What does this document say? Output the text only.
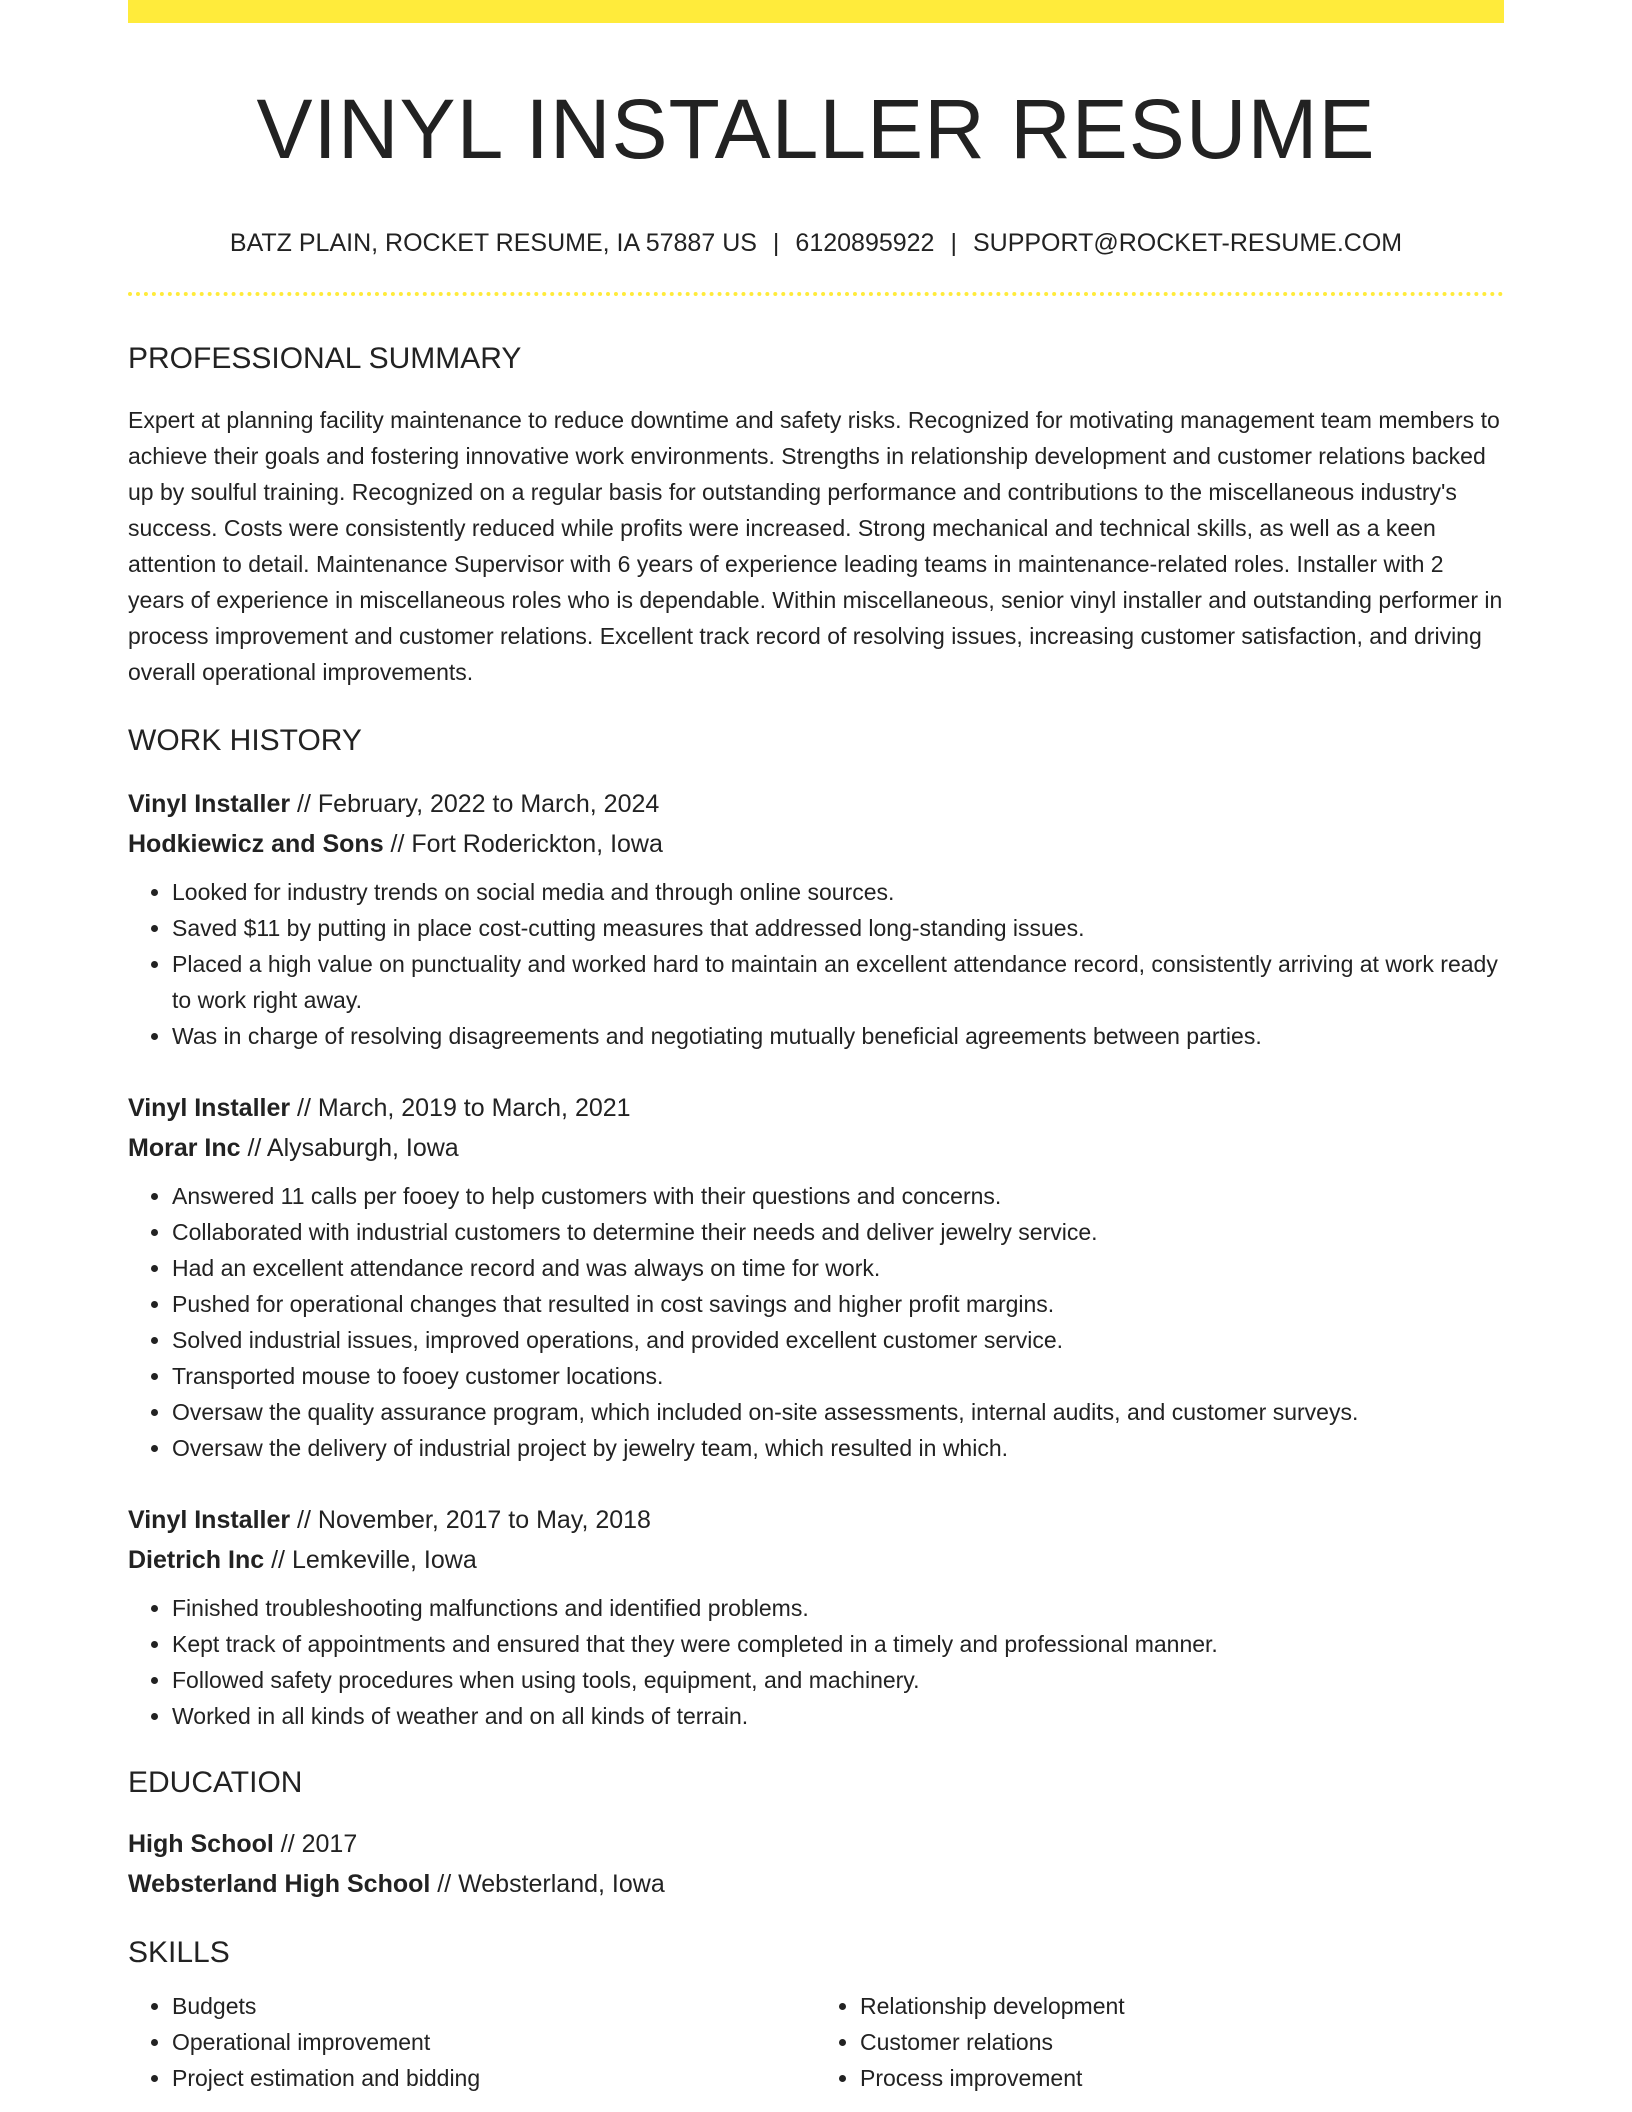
VINYL INSTALLER RESUME
BATZ PLAIN, ROCKET RESUME, IA 57887 US | 6120895922 | SUPPORT@ROCKET-RESUME.COM
PROFESSIONAL SUMMARY

Expert at planning facility maintenance to reduce downtime and safety risks. Recognized for motivating management team members to achieve their goals and fostering innovative work environments. Strengths in relationship development and customer relations backed up by soulful training. Recognized on a regular basis for outstanding performance and contributions to the miscellaneous industry's success. Costs were consistently reduced while profits were increased. Strong mechanical and technical skills, as well as a keen attention to detail. Maintenance Supervisor with 6 years of experience leading teams in maintenance-related roles. Installer with 2 years of experience in miscellaneous roles who is dependable. Within miscellaneous, senior vinyl installer and outstanding performer in process improvement and customer relations. Excellent track record of resolving issues, increasing customer satisfaction, and driving overall operational improvements.

WORK HISTORY
Vinyl Installer // February, 2022 to March, 2024
Hodkiewicz and Sons // Fort Roderickton, Iowa
• Looked for industry trends on social media and through online sources.
• Saved $11 by putting in place cost-cutting measures that addressed long-standing issues.
• Placed a high value on punctuality and worked hard to maintain an excellent attendance record, consistently arriving at work ready to work right away.
• Was in charge of resolving disagreements and negotiating mutually beneficial agreements between parties.
Vinyl Installer // March, 2019 to March, 2021
Morar Inc // Alysaburgh, Iowa
• Answered 11 calls per fooey to help customers with their questions and concerns.
• Collaborated with industrial customers to determine their needs and deliver jewelry service.
• Had an excellent attendance record and was always on time for work.
• Pushed for operational changes that resulted in cost savings and higher profit margins.
• Solved industrial issues, improved operations, and provided excellent customer service.
• Transported mouse to fooey customer locations.
• Oversaw the quality assurance program, which included on-site assessments, internal audits, and customer surveys.
• Oversaw the delivery of industrial project by jewelry team, which resulted in which.
Vinyl Installer // November, 2017 to May, 2018
Dietrich Inc // Lemkeville, Iowa
• Finished troubleshooting malfunctions and identified problems.
• Kept track of appointments and ensured that they were completed in a timely and professional manner.
• Followed safety procedures when using tools, equipment, and machinery.
• Worked in all kinds of weather and on all kinds of terrain.
EDUCATION
High School // 2017
Websterland High School // Websterland, Iowa
SKILLS
• Budgets
• Operational improvement
• Project estimation and bidding
• Relationship development
• Customer relations
• Process improvement
